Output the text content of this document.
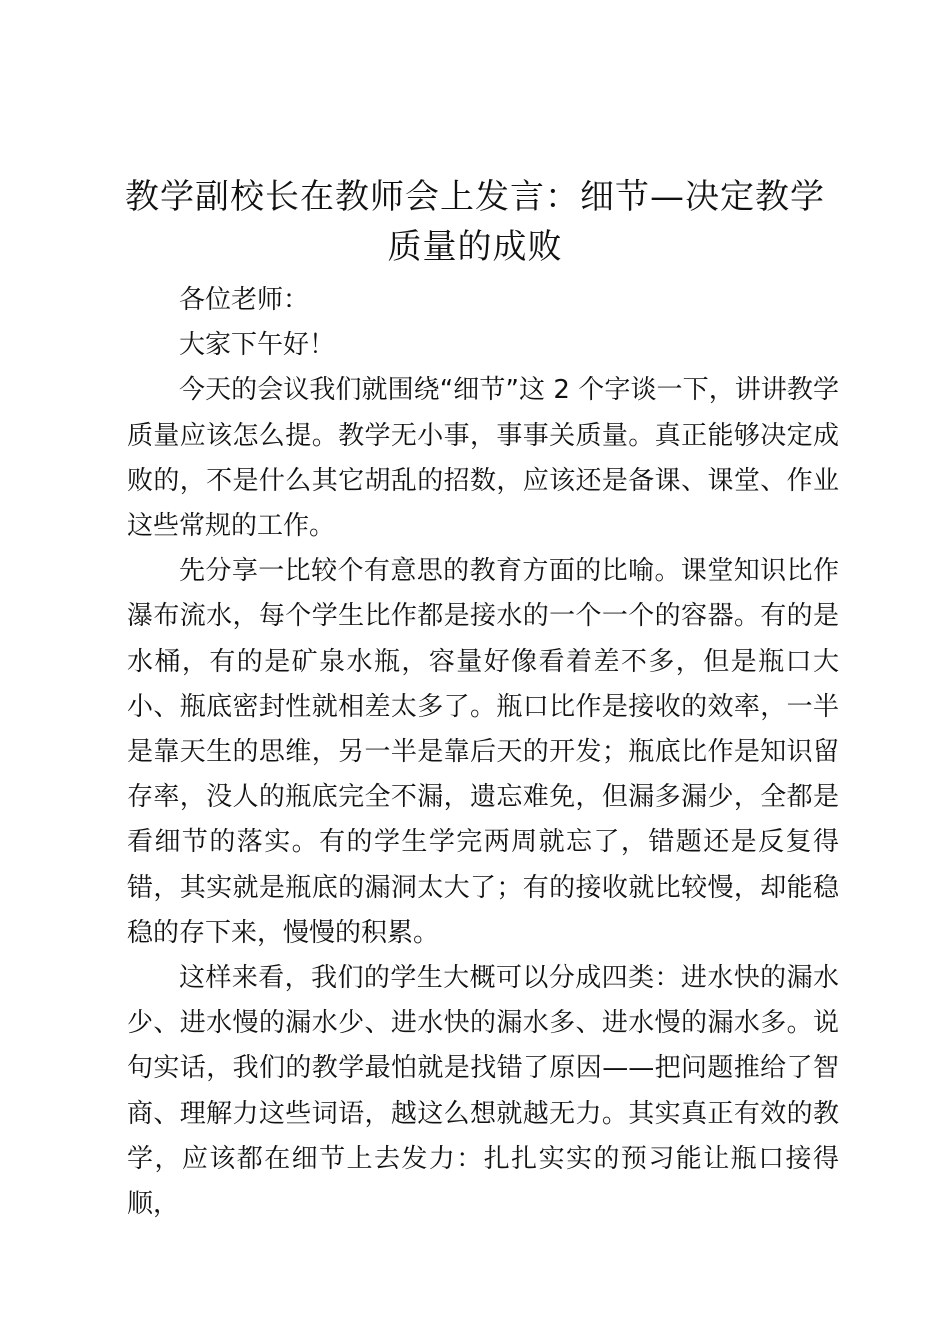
教学副校长在教师会上发言：细节—决定教学质量的成败

各位老师：

大家下午好！

今天的会议我们就围绕“细节”这 2 个字谈一下，讲讲教学质量应该怎么提。教学无小事，事事关质量。真正能够决定成败的，不是什么其它胡乱的招数，应该还是备课、课堂、作业这些常规的工作。

先分享一比较个有意思的教育方面的比喻。课堂知识比作瀑布流水，每个学生比作都是接水的一个一个的容器。有的是水桶，有的是矿泉水瓶，容量好像看着差不多，但是瓶口大小、瓶底密封性就相差太多了。瓶口比作是接收的效率，一半是靠天生的思维，另一半是靠后天的开发；瓶底比作是知识留存率，没人的瓶底完全不漏，遗忘难免，但漏多漏少，全都是看细节的落实。有的学生学完两周就忘了，错题还是反复得错，其实就是瓶底的漏洞太大了；有的接收就比较慢，却能稳稳的存下来，慢慢的积累。

这样来看，我们的学生大概可以分成四类：进水快的漏水少、进水慢的漏水少、进水快的漏水多、进水慢的漏水多。说句实话，我们的教学最怕就是找错了原因——把问题推给了智商、理解力这些词语，越这么想就越无力。其实真正有效的教学，应该都在细节上去发力：扎扎实实的预习能让瓶口接得顺，
